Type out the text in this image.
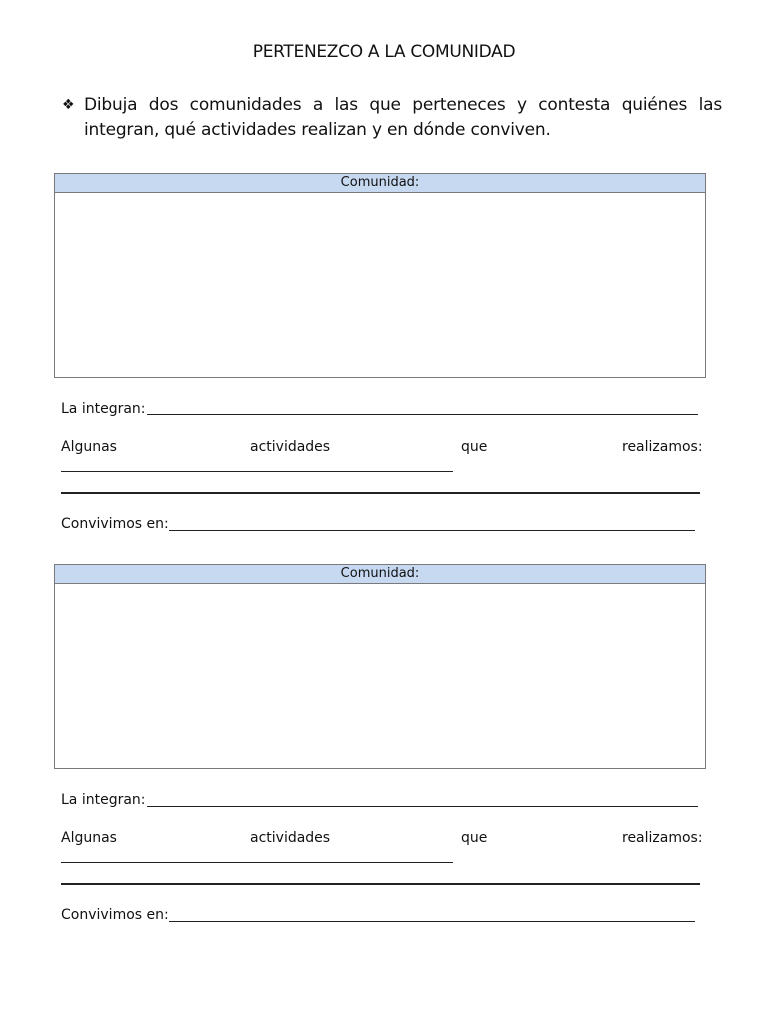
PERTENEZCO A LA COMUNIDAD
❖ Dibuja dos comunidades a las que perteneces y contesta quiénes las integran, qué actividades realizan y en dónde conviven.
Comunidad:
La integran:
Algunas	actividades	que	realizamos:
Convivimos en:
Comunidad:
La integran:
Algunas	actividades	que	realizamos:
Convivimos en:
